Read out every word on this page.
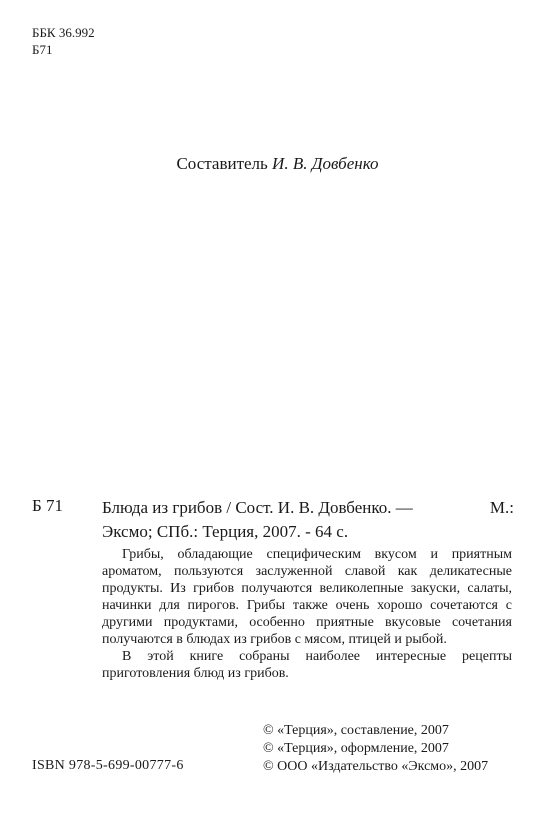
ББК 36.992
Б71
Составитель И. В. Довбенко
Б 71 Блюда из грибов / Сост. И. В. Довбенко. —	М.:
Эксмо; СПб.: Терция, 2007. - 64 с.

Грибы, обладающие специфическим вкусом и приятным ароматом, пользуются заслуженной славой как деликатесные продукты. Из грибов получаются великолепные закуски, салаты, начинки для пирогов. Грибы также очень хорошо сочетаются с другими продуктами, особенно приятные вкусовые сочетания получаются в блюдах из грибов с мясом, птицей и рыбой.

В этой книге собраны наиболее интересные рецепты приготовления блюд из грибов.

ISBN 978-5-699-00777-6
© «Терция», составление, 2007
© «Терция», оформление, 2007
© ООО «Издательство «Эксмо», 2007
